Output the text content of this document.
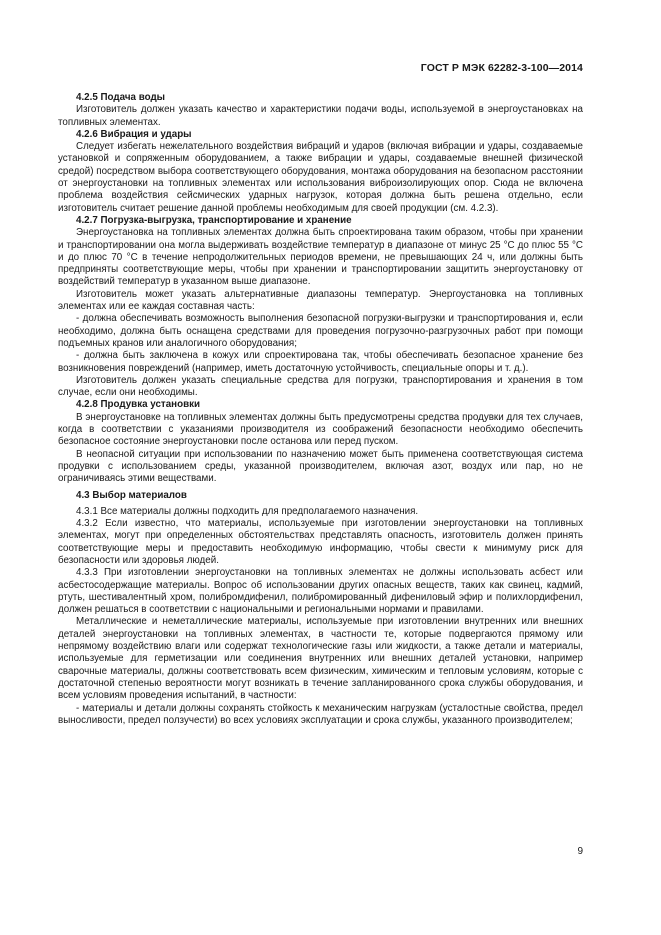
ГОСТ Р МЭК 62282-3-100—2014

4.2.5 Подача воды

Изготовитель должен указать качество и характеристики подачи воды, используемой в энергоустановках на топливных элементах.

4.2.6 Вибрация и удары

Следует избегать нежелательного воздействия вибраций и ударов (включая вибрации и удары, создаваемые установкой и сопряженным оборудованием, а также вибрации и удары, создаваемые внешней физической средой) посредством выбора соответствующего оборудования, монтажа оборудования на безопасном расстоянии от энергоустановки на топливных элементах или использования виброизолирующих опор. Сюда не включена проблема воздействия сейсмических ударных нагрузок, которая должна быть решена отдельно, если изготовитель считает решение данной проблемы необходимым для своей продукции (см. 4.2.3).

4.2.7 Погрузка-выгрузка, транспортирование и хранение

Энергоустановка на топливных элементах должна быть спроектирована таким образом, чтобы при хранении и транспортировании она могла выдерживать воздействие температур в диапазоне от минус 25 °С до плюс 55 °С и до плюс 70 °С в течение непродолжительных периодов времени, не превышающих 24 ч, или должны быть предприняты соответствующие меры, чтобы при хранении и транспортировании защитить энергоустановку от воздействий температур в указанном выше диапазоне.

Изготовитель может указать альтернативные диапазоны температур. Энергоустановка на топливных элементах или ее каждая составная часть:

- должна обеспечивать возможность выполнения безопасной погрузки-выгрузки и транспортирования и, если необходимо, должна быть оснащена средствами для проведения погрузочно-разгрузочных работ при помощи подъемных кранов или аналогичного оборудования;

- должна быть заключена в кожух или спроектирована так, чтобы обеспечивать безопасное хранение без возникновения повреждений (например, иметь достаточную устойчивость, специальные опоры и т. д.).

Изготовитель должен указать специальные средства для погрузки, транспортирования и хранения в том случае, если они необходимы.

4.2.8 Продувка установки

В энергоустановке на топливных элементах должны быть предусмотрены средства продувки для тех случаев, когда в соответствии с указаниями производителя из соображений безопасности необходимо обеспечить безопасное состояние энергоустановки после останова или перед пуском.

В неопасной ситуации при использовании по назначению может быть применена соответствующая система продувки с использованием среды, указанной производителем, включая азот, воздух или пар, но не ограничиваясь этими веществами.

4.3 Выбор материалов

4.3.1 Все материалы должны подходить для предполагаемого назначения.

4.3.2 Если известно, что материалы, используемые при изготовлении энергоустановки на топливных элементах, могут при определенных обстоятельствах представлять опасность, изготовитель должен принять соответствующие меры и предоставить необходимую информацию, чтобы свести к минимуму риск для безопасности или здоровья людей.

4.3.3 При изготовлении энергоустановки на топливных элементах не должны использовать асбест или асбестосодержащие материалы. Вопрос об использовании других опасных веществ, таких как свинец, кадмий, ртуть, шестивалентный хром, полибромдифенил, полибромированный дифениловый эфир и полихлордифенил, должен решаться в соответствии с национальными и региональными нормами и правилами.

Металлические и неметаллические материалы, используемые при изготовлении внутренних или внешних деталей энергоустановки на топливных элементах, в частности те, которые подвергаются прямому или непрямому воздействию влаги или содержат технологические газы или жидкости, а также детали и материалы, используемые для герметизации или соединения внутренних или внешних деталей установки, например сварочные материалы, должны соответствовать всем физическим, химическим и тепловым условиям, которые с достаточной степенью вероятности могут возникать в течение запланированного срока службы оборудования, и всем условиям проведения испытаний, в частности:

- материалы и детали должны сохранять стойкость к механическим нагрузкам (усталостные свойства, предел выносливости, предел ползучести) во всех условиях эксплуатации и срока службы, указанного производителем;

9
